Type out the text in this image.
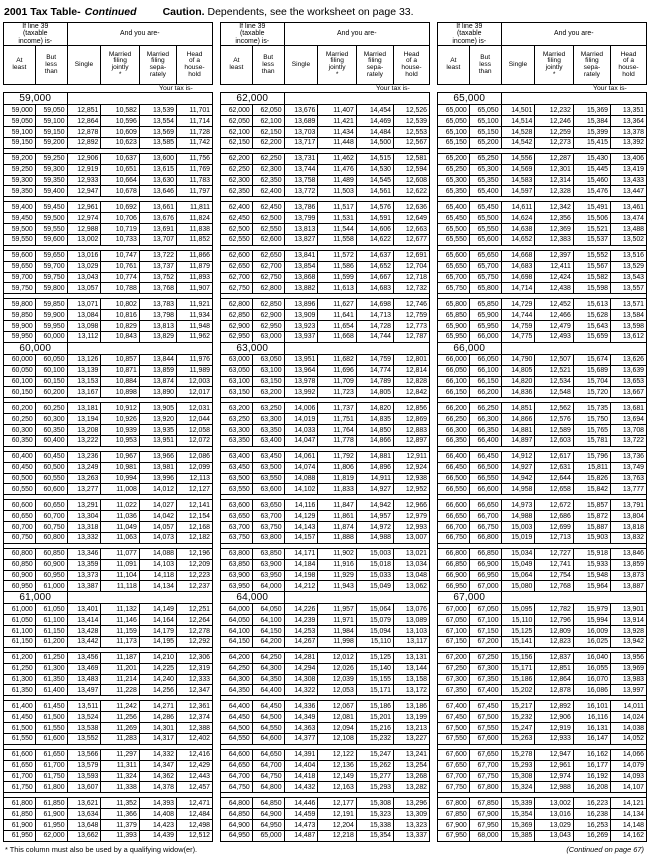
2001 Tax Table- Continued Caution. Dependents, see the worksheet on page 33.
If line 39
(taxable
income) is-		And you are-			
At
least	But
less
than	Single	Married
filing
jointly
*	Married
filing
sepa-
rately	Head
of a
house-
hold
				Your tax is-	
59,000					
59,000	59,050	12,851	10,582	13,539	11,701
59,050	59,100	12,864	10,596	13,554	11,714
59,100	59,150	12,878	10,609	13,569	11,728
59,150	59,200	12,892	10,623	13,585	11,742

59,200	59,250	12,906	10,637	13,600	11,756
59,250	59,300	12,919	10,651	13,615	11,769
59,300	59,350	12,933	10,664	13,630	11,783
59,350	59,400	12,947	10,678	13,646	11,797

59,400	59,450	12,961	10,692	13,661	11,811
59,450	59,500	12,974	10,706	13,676	11,824
59,500	59,550	12,988	10,719	13,691	11,838
59,550	59,600	13,002	10,733	13,707	11,852

59,600	59,650	13,016	10,747	13,722	11,866
59,650	59,700	13,029	10,761	13,737	11,879
59,700	59,750	13,043	10,774	13,752	11,893
59,750	59,800	13,057	10,788	13,768	11,907

59,800	59,850	13,071	10,802	13,783	11,921
59,850	59,900	13,084	10,816	13,798	11,934
59,900	59,950	13,098	10,829	13,813	11,948
59,950	60,000	13,112	10,843	13,829	11,962
60,000					
60,000	60,050	13,126	10,857	13,844	11,976
60,050	60,100	13,139	10,871	13,859	11,989
60,100	60,150	13,153	10,884	13,874	12,003
60,150	60,200	13,167	10,898	13,890	12,017

60,200	60,250	13,181	10,912	13,905	12,031
60,250	60,300	13,194	10,926	13,920	12,044
60,300	60,350	13,208	10,939	13,935	12,058
60,350	60,400	13,222	10,953	13,951	12,072

60,400	60,450	13,236	10,967	13,966	12,086
60,450	60,500	13,249	10,981	13,981	12,099
60,500	60,550	13,263	10,994	13,996	12,113
60,550	60,600	13,277	11,008	14,012	12,127

60,600	60,650	13,291	11,022	14,027	12,141
60,650	60,700	13,304	11,036	14,042	12,154
60,700	60,750	13,318	11,049	14,057	12,168
60,750	60,800	13,332	11,063	14,073	12,182

60,800	60,850	13,346	11,077	14,088	12,196
60,850	60,900	13,359	11,091	14,103	12,209
60,900	60,950	13,373	11,104	14,118	12,223
60,950	61,000	13,387	11,118	14,134	12,237
61,000					
61,000	61,050	13,401	11,132	14,149	12,251
61,050	61,100	13,414	11,146	14,164	12,264
61,100	61,150	13,428	11,159	14,179	12,278
61,150	61,200	13,442	11,173	14,195	12,292

61,200	61,250	13,456	11,187	14,210	12,306
61,250	61,300	13,469	11,201	14,225	12,319
61,300	61,350	13,483	11,214	14,240	12,333
61,350	61,400	13,497	11,228	14,256	12,347

61,400	61,450	13,511	11,242	14,271	12,361
61,450	61,500	13,524	11,256	14,286	12,374
61,500	61,550	13,538	11,269	14,301	12,388
61,550	61,600	13,552	11,283	14,317	12,402

61,600	61,650	13,566	11,297	14,332	12,416
61,650	61,700	13,579	11,311	14,347	12,429
61,700	61,750	13,593	11,324	14,362	12,443
61,750	61,800	13,607	11,338	14,378	12,457

61,800	61,850	13,621	11,352	14,393	12,471
61,850	61,900	13,634	11,366	14,408	12,484
61,900	61,950	13,648	11,379	14,423	12,498
61,950	62,000	13,662	11,393	14,439	12,512
If line 39
(taxable
income) is-		And you are-			
At
least	But
less
than	Single	Married
filing
jointly
*	Married
filing
sepa-
rately	Head
of a
house-
hold
				Your tax is-	
62,000					
62,000	62,050	13,676	11,407	14,454	12,526
62,050	62,100	13,689	11,421	14,469	12,539
62,100	62,150	13,703	11,434	14,484	12,553
62,150	62,200	13,717	11,448	14,500	12,567

62,200	62,250	13,731	11,462	14,515	12,581
62,250	62,300	13,744	11,476	14,530	12,594
62,300	62,350	13,758	11,489	14,545	12,608
62,350	62,400	13,772	11,503	14,561	12,622

62,400	62,450	13,786	11,517	14,576	12,636
62,450	62,500	13,799	11,531	14,591	12,649
62,500	62,550	13,813	11,544	14,606	12,663
62,550	62,600	13,827	11,558	14,622	12,677

62,600	62,650	13,841	11,572	14,637	12,691
62,650	62,700	13,854	11,586	14,652	12,704
62,700	62,750	13,868	11,599	14,667	12,718
62,750	62,800	13,882	11,613	14,683	12,732

62,800	62,850	13,896	11,627	14,698	12,746
62,850	62,900	13,909	11,641	14,713	12,759
62,900	62,950	13,923	11,654	14,728	12,773
62,950	63,000	13,937	11,668	14,744	12,787
63,000					
63,000	63,050	13,951	11,682	14,759	12,801
63,050	63,100	13,964	11,696	14,774	12,814
63,100	63,150	13,978	11,709	14,789	12,828
63,150	63,200	13,992	11,723	14,805	12,842

63,200	63,250	14,006	11,737	14,820	12,856
63,250	63,300	14,019	11,751	14,835	12,869
63,300	63,350	14,033	11,764	14,850	12,883
63,350	63,400	14,047	11,778	14,866	12,897

63,400	63,450	14,061	11,792	14,881	12,911
63,450	63,500	14,074	11,806	14,896	12,924
63,500	63,550	14,088	11,819	14,911	12,938
63,550	63,600	14,102	11,833	14,927	12,952

63,600	63,650	14,116	11,847	14,942	12,966
63,650	63,700	14,129	11,861	14,957	12,979
63,700	63,750	14,143	11,874	14,972	12,993
63,750	63,800	14,157	11,888	14,988	13,007

63,800	63,850	14,171	11,902	15,003	13,021
63,850	63,900	14,184	11,916	15,018	13,034
63,900	63,950	14,198	11,929	15,033	13,048
63,950	64,000	14,212	11,943	15,049	13,062
64,000					
64,000	64,050	14,226	11,957	15,064	13,076
64,050	64,100	14,239	11,971	15,079	13,089
64,100	64,150	14,253	11,984	15,094	13,103
64,150	64,200	14,267	11,998	15,110	13,117

64,200	64,250	14,281	12,012	15,125	13,131
64,250	64,300	14,294	12,026	15,140	13,144
64,300	64,350	14,308	12,039	15,155	13,158
64,350	64,400	14,322	12,053	15,171	13,172

64,400	64,450	14,336	12,067	15,186	13,186
64,450	64,500	14,349	12,081	15,201	13,199
64,500	64,550	14,363	12,094	15,216	13,213
64,550	64,600	14,377	12,108	15,232	13,227

64,600	64,650	14,391	12,122	15,247	13,241
64,650	64,700	14,404	12,136	15,262	13,254
64,700	64,750	14,418	12,149	15,277	13,268
64,750	64,800	14,432	12,163	15,293	13,282

64,800	64,850	14,446	12,177	15,308	13,296
64,850	64,900	14,459	12,191	15,323	13,309
64,900	64,950	14,473	12,204	15,338	13,323
64,950	65,000	14,487	12,218	15,354	13,337
If line 39
(taxable
income) is-		And you are-			
At
least	But
less
than	Single	Married
filing
jointly
*	Married
filing
sepa-
rately	Head
of a
house-
hold
				Your tax is-	
65,000					
65,000	65,050	14,501	12,232	15,369	13,351
65,050	65,100	14,514	12,246	15,384	13,364
65,100	65,150	14,528	12,259	15,399	13,378
65,150	65,200	14,542	12,273	15,415	13,392

65,200	65,250	14,556	12,287	15,430	13,406
65,250	65,300	14,569	12,301	15,445	13,419
65,300	65,350	14,583	12,314	15,460	13,433
65,350	65,400	14,597	12,328	15,476	13,447

65,400	65,450	14,611	12,342	15,491	13,461
65,450	65,500	14,624	12,356	15,506	13,474
65,500	65,550	14,638	12,369	15,521	13,488
65,550	65,600	14,652	12,383	15,537	13,502

65,600	65,650	14,668	12,397	15,552	13,516
65,650	65,700	14,683	12,411	15,567	13,529
65,700	65,750	14,698	12,424	15,582	13,543
65,750	65,800	14,714	12,438	15,598	13,557

65,800	65,850	14,729	12,452	15,613	13,571
65,850	65,900	14,744	12,466	15,628	13,584
65,900	65,950	14,759	12,479	15,643	13,598
65,950	66,000	14,775	12,493	15,659	13,612
66,000					
66,000	66,050	14,790	12,507	15,674	13,626
66,050	66,100	14,805	12,521	15,689	13,639
66,100	66,150	14,820	12,534	15,704	13,653
66,150	66,200	14,836	12,548	15,720	13,667

66,200	66,250	14,851	12,562	15,735	13,681
66,250	66,300	14,866	12,576	15,750	13,694
66,300	66,350	14,881	12,589	15,765	13,708
66,350	66,400	14,897	12,603	15,781	13,722

66,400	66,450	14,912	12,617	15,796	13,736
66,450	66,500	14,927	12,631	15,811	13,749
66,500	66,550	14,942	12,644	15,826	13,763
66,550	66,600	14,958	12,658	15,842	13,777

66,600	66,650	14,973	12,672	15,857	13,791
66,650	66,700	14,988	12,686	15,872	13,804
66,700	66,750	15,003	12,699	15,887	13,818
66,750	66,800	15,019	12,713	15,903	13,832

66,800	66,850	15,034	12,727	15,918	13,846
66,850	66,900	15,049	12,741	15,933	13,859
66,900	66,950	15,064	12,754	15,948	13,873
66,950	67,000	15,080	12,768	15,964	13,887
67,000					
67,000	67,050	15,095	12,782	15,979	13,901
67,050	67,100	15,110	12,796	15,994	13,914
67,100	67,150	15,125	12,809	16,009	13,928
67,150	67,200	15,141	12,823	16,025	13,942

67,200	67,250	15,156	12,837	16,040	13,956
67,250	67,300	15,171	12,851	16,055	13,969
67,300	67,350	15,186	12,864	16,070	13,983
67,350	67,400	15,202	12,878	16,086	13,997

67,400	67,450	15,217	12,892	16,101	14,011
67,450	67,500	15,232	12,906	16,116	14,024
67,500	67,550	15,247	12,919	16,131	14,038
67,550	67,600	15,263	12,933	16,147	14,052

67,600	67,650	15,278	12,947	16,162	14,066
67,650	67,700	15,293	12,961	16,177	14,079
67,700	67,750	15,308	12,974	16,192	14,093
67,750	67,800	15,324	12,988	16,208	14,107

67,800	67,850	15,339	13,002	16,223	14,121
67,850	67,900	15,354	13,016	16,238	14,134
67,900	67,950	15,369	13,029	16,253	14,148
67,950	68,000	15,385	13,043	16,269	14,162
* This column must also be used by a qualifying widow(er).	(Continued on page 67)
